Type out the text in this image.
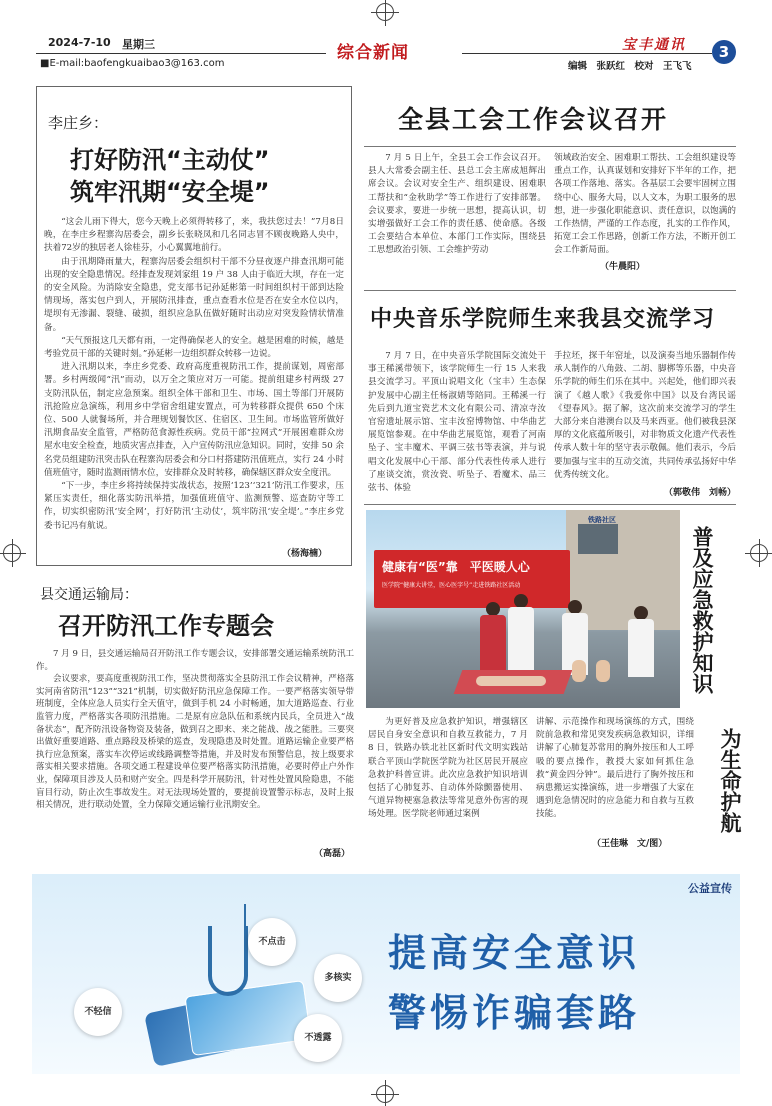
2024-7-10 星期三
■E-mail:baofengkuaibao3@163.com
综合新闻	宝丰通讯	3
编辑　张跃红　校对　王飞飞
李庄乡：
打好防汛“主动仗”
筑牢汛期“安全堤”

“这会儿雨下得大，您今天晚上必须得转移了，来，我扶您过去！”7月8日晚，在李庄乡程寨沟居委会，副乡长张晓凤和几名同志冒不顾夜晚路人央中，扶着72岁的独居老人徐桂芬，小心翼翼地前行。

由于汛期降雨量大，程寨沟居委会组织村干部不分昼夜逐户排查汛期可能出现的安全隐患情况。经排查发现刘家组 19 户 38 人由于临近大坝，存在一定的安全风险。为消除安全隐患，党支部书记孙延彬第一时间组织村干部到达险情现场，落实包户到人，开展防汛排查，重点查看水位是否在安全水位以内，堤坝有无渗漏、裂缝、破损，组织应急队伍做好随时出动应对突发险情状情准备。

“天气预报这几天都有雨，一定得确保老人的安全。越是困难的时候，越是考验党员干部的关键时刻。”孙延彬一边组织群众转移一边说。

进入汛期以来，李庄乡党委、政府高度重视防汛工作，提前谋划，周密部署。乡村两级闻“汛”而动，以万全之策应对万一可能。提前组建乡村两级 27 支防汛队伍，制定应急预案。组织全体干部和卫生、市场、国土等部门开展防汛抢险应急演练，利用乡中学宿舍组建安置点，可为转移群众提供 650 个床位、500 人就餐场所，并合理规划餐饮区、住宿区、卫生间。市场监管所做好汛期食品安全监管，严格防范食源性疾病。党员干部“拉网式”开展困难群众房屋水电安全检查，地质灾害点排查，入户宣传防汛应急知识。同时，安排 50 余名党员组建防汛突击队在程寨沟居委会和分口村搭建防汛值班点，实行 24 小时值班值守，随时监测雨情水位，安排群众及时转移，确保辖区群众安全度汛。

“下一步，李庄乡将持续保持实战状态，按照‘123’‘321’防汛工作要求，压紧压实责任，细化落实防汛举措，加强值班值守、监测预警、巡查防守等工作，切实织密防汛‘安全网’，打好防汛‘主动仗’，筑牢防汛‘安全堤’。”李庄乡党委书记冯有航说。

（杨海楠）
县交通运输局：
召开防汛工作专题会

7 月 9 日，县交通运输局召开防汛工作专题会议，安排部署交通运输系统防汛工作。

会议要求，要高度重视防汛工作，坚决贯彻落实全县防汛工作会议精神，严格落实河南省防汛“123”“321”机制，切实做好防汛应急保障工作。一要严格落实领导带班制度，全体应急人员实行全天值守，做到手机 24 小时畅通，加大道路巡查、行业监管力度，严格落实各项防汛措施。二是原有应急队伍和系统内民兵，全员进入“战备状态”，配齐防汛设备物资及装备，做到召之即来、来之能战、战之能胜。三要突出做好重要道路、重点路段及桥梁的巡查，发现隐患及时处置。道路运输企业要严格执行应急预案，落实车次停运或线路调整等措施，并及时发布预警信息，按上级要求落实相关要求措施。各项交通工程建设单位要严格落实防汛措施，必要时停止户外作业，保障项目涉及人员和财产安全。四是科学开展防汛，针对性处置风险隐患，不能盲目行动，防止次生事故发生。对无法现场处置的，要提前设置警示标志，及时上报相关情况，进行联动处置，全力保障交通运输行业汛期安全。

（高磊）
全县工会工作会议召开
7 月 5 日上午，全县工会工作会议召开。县人大常委会副主任、县总工会主席成旭辉出席会议。会议对安全生产、组织建设、困难职工帮扶和“金秋助学”等工作进行了安排部署。会议要求，要进一步统一思想，提高认识，切实增强做好工会工作的责任感、使命感。各级工会要结合本单位、本部门工作实际，围绕县工思想政治引领、工会维护劳动
领域政治安全、困难职工帮扶、工会组织建设等重点工作，认真谋划和安排好下半年的工作，把各项工作落地、落实。各基层工会要牢固树立围绕中心、服务大局，以人文本，为职工服务的思想，进一步强化职能意识、责任意识，以饱满的工作热情，严谨的工作态度，扎实的工作作风，拓宽工会工作思路，创新工作方法，不断开创工会工作新局面。
（牛晨阳）
中央音乐学院师生来我县交流学习
7 月 7 日，在中央音乐学院国际交流处干事王稀溪带领下，该学院师生一行 15 人来我县交流学习。平顶山说唱文化（宝丰）生态保护发展中心副主任杨淑婧等陪同。王稀溪一行先后到九道宝瓷艺术文化有限公司、清凉寺汝官窑遗址展示馆、宝丰汝窑博物馆、中华曲艺展览馆参观。在中华曲艺展览馆，观看了河南坠子、宝丰魔术、平调三弦书等表演，并与说唱文化发展中心干部、部分代表性传承人进行了座谈交流，赏汝瓷、听坠子、看魔术、品三弦书、体验
手拉坯，探千年窑址，以及演奏当地乐器制作传承人制作的八角鼓、二胡、脚梆等乐器，中央音乐学院的师生们乐在其中。兴起处，他们即兴表演了《越人歌》《我爱你中国》以及台湾民谣《望春风》。据了解，这次前来交流学习的学生大部分来自港澳台以及马来西亚。他们被我县深厚的文化底蕴所吸引，对非物质文化遗产代表性传承人数十年的坚守表示敬佩。他们表示，今后要加强与宝丰的互动交流，共同传承弘扬好中华优秀传统文化。
（郭敬伟　刘畅）
铁路社区
健康有“医”靠　平医暖人心
医学院“健康大讲堂，医心医字号”走进铁路社区活动	普及应急救护知识
为生命护航
为更好普及应急救护知识，增强辖区居民自身安全意识和自救互救能力，7 月 8 日，铁路办铁北社区新时代文明实践站联合平顶山学院医学院为社区居民开展应急救护科普宣讲。此次应急救护知识培训包括了心肺复苏、自动体外除颤器使用、气道异物梗塞急救法等常见意外伤害的现场处理。医学院老师通过案例
讲解、示范操作和现场演练的方式，围绕院前急救和常见突发疾病急救知识，详细讲解了心肺复苏常用的胸外按压和人工呼吸的要点操作，教授大家如何抓住急救“黄金四分钟”。最后进行了胸外按压和病患搬运实操演练，进一步增强了大家在遇到危急情况时的应急能力和自救与互救技能。
（王佳琳　文/图）
公益宣传
不点击
多核实
不轻信
不透露
提高安全意识
警惕诈骗套路
